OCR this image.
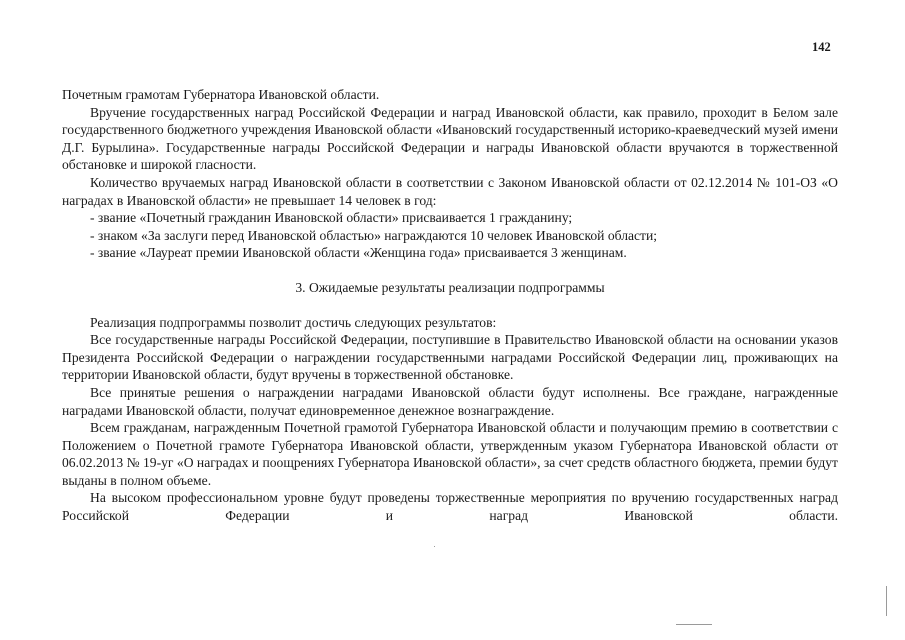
142

Почетным грамотам Губернатора Ивановской области.

Вручение государственных наград Российской Федерации и наград Ивановской области, как правило, проходит в Белом зале государственного бюджетного учреждения Ивановской области «Ивановский государственный историко-краеведческий музей имени Д.Г. Бурылина». Государственные награды Российской Федерации и награды Ивановской области вручаются в торжественной обстановке и широкой гласности.

Количество вручаемых наград Ивановской области в соответствии с Законом Ивановской области от 02.12.2014 № 101-ОЗ «О наградах в Ивановской области» не превышает 14 человек в год:

- звание «Почетный гражданин Ивановской области» присваивается 1 гражданину;

- знаком «За заслуги перед Ивановской областью» награждаются 10 человек Ивановской области;

- звание «Лауреат премии Ивановской области «Женщина года» присваивается 3 женщинам.

3. Ожидаемые результаты реализации подпрограммы

Реализация подпрограммы позволит достичь следующих результатов:

Все государственные награды Российской Федерации, поступившие в Правительство Ивановской области на основании указов Президента Российской Федерации о награждении государственными наградами Российской Федерации лиц, проживающих на территории Ивановской области, будут вручены в торжественной обстановке.

Все принятые решения о награждении наградами Ивановской области будут исполнены. Все граждане, награжденные наградами Ивановской области, получат единовременное денежное вознаграждение.

Всем гражданам, награжденным Почетной грамотой Губернатора Ивановской области и получающим премию в соответствии с Положением о Почетной грамоте Губернатора Ивановской области, утвержденным указом Губернатора Ивановской области от 06.02.2013 № 19-уг «О наградах и поощрениях Губернатора Ивановской области», за счет средств областного бюджета, премии будут выданы в полном объеме.

На высоком профессиональном уровне будут проведены торжественные мероприятия по вручению государственных наград Российской Федерации и наград Ивановской области.
